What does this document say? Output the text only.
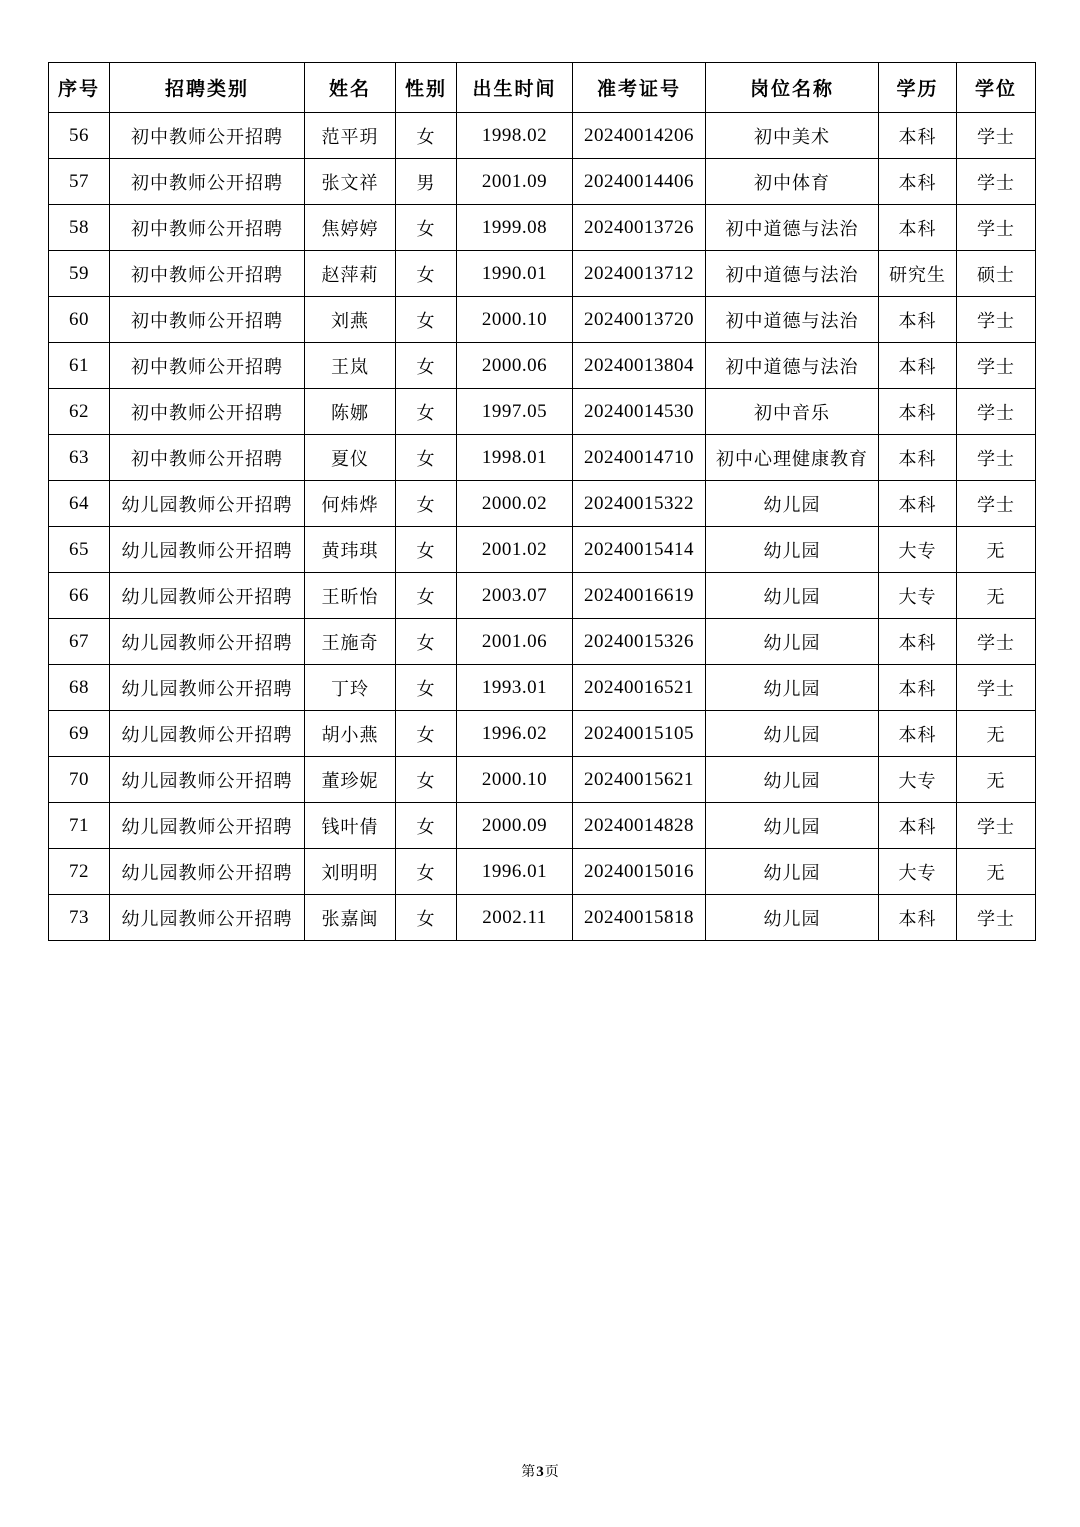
序号	招聘类别	姓名	性别	出生时间	准考证号	岗位名称	学历	学位
56	初中教师公开招聘	范平玥	女	1998.02	20240014206	初中美术	本科	学士
57	初中教师公开招聘	张文祥	男	2001.09	20240014406	初中体育	本科	学士
58	初中教师公开招聘	焦婷婷	女	1999.08	20240013726	初中道德与法治	本科	学士
59	初中教师公开招聘	赵萍莉	女	1990.01	20240013712	初中道德与法治	研究生	硕士
60	初中教师公开招聘	刘燕	女	2000.10	20240013720	初中道德与法治	本科	学士
61	初中教师公开招聘	王岚	女	2000.06	20240013804	初中道德与法治	本科	学士
62	初中教师公开招聘	陈娜	女	1997.05	20240014530	初中音乐	本科	学士
63	初中教师公开招聘	夏仪	女	1998.01	20240014710	初中心理健康教育	本科	学士
64	幼儿园教师公开招聘	何炜烨	女	2000.02	20240015322	幼儿园	本科	学士
65	幼儿园教师公开招聘	黄玮琪	女	2001.02	20240015414	幼儿园	大专	无
66	幼儿园教师公开招聘	王昕怡	女	2003.07	20240016619	幼儿园	大专	无
67	幼儿园教师公开招聘	王施奇	女	2001.06	20240015326	幼儿园	本科	学士
68	幼儿园教师公开招聘	丁玲	女	1993.01	20240016521	幼儿园	本科	学士
69	幼儿园教师公开招聘	胡小燕	女	1996.02	20240015105	幼儿园	本科	无
70	幼儿园教师公开招聘	董珍妮	女	2000.10	20240015621	幼儿园	大专	无
71	幼儿园教师公开招聘	钱叶倩	女	2000.09	20240014828	幼儿园	本科	学士
72	幼儿园教师公开招聘	刘明明	女	1996.01	20240015016	幼儿园	大专	无
73	幼儿园教师公开招聘	张嘉闽	女	2002.11	20240015818	幼儿园	本科	学士
第3页
